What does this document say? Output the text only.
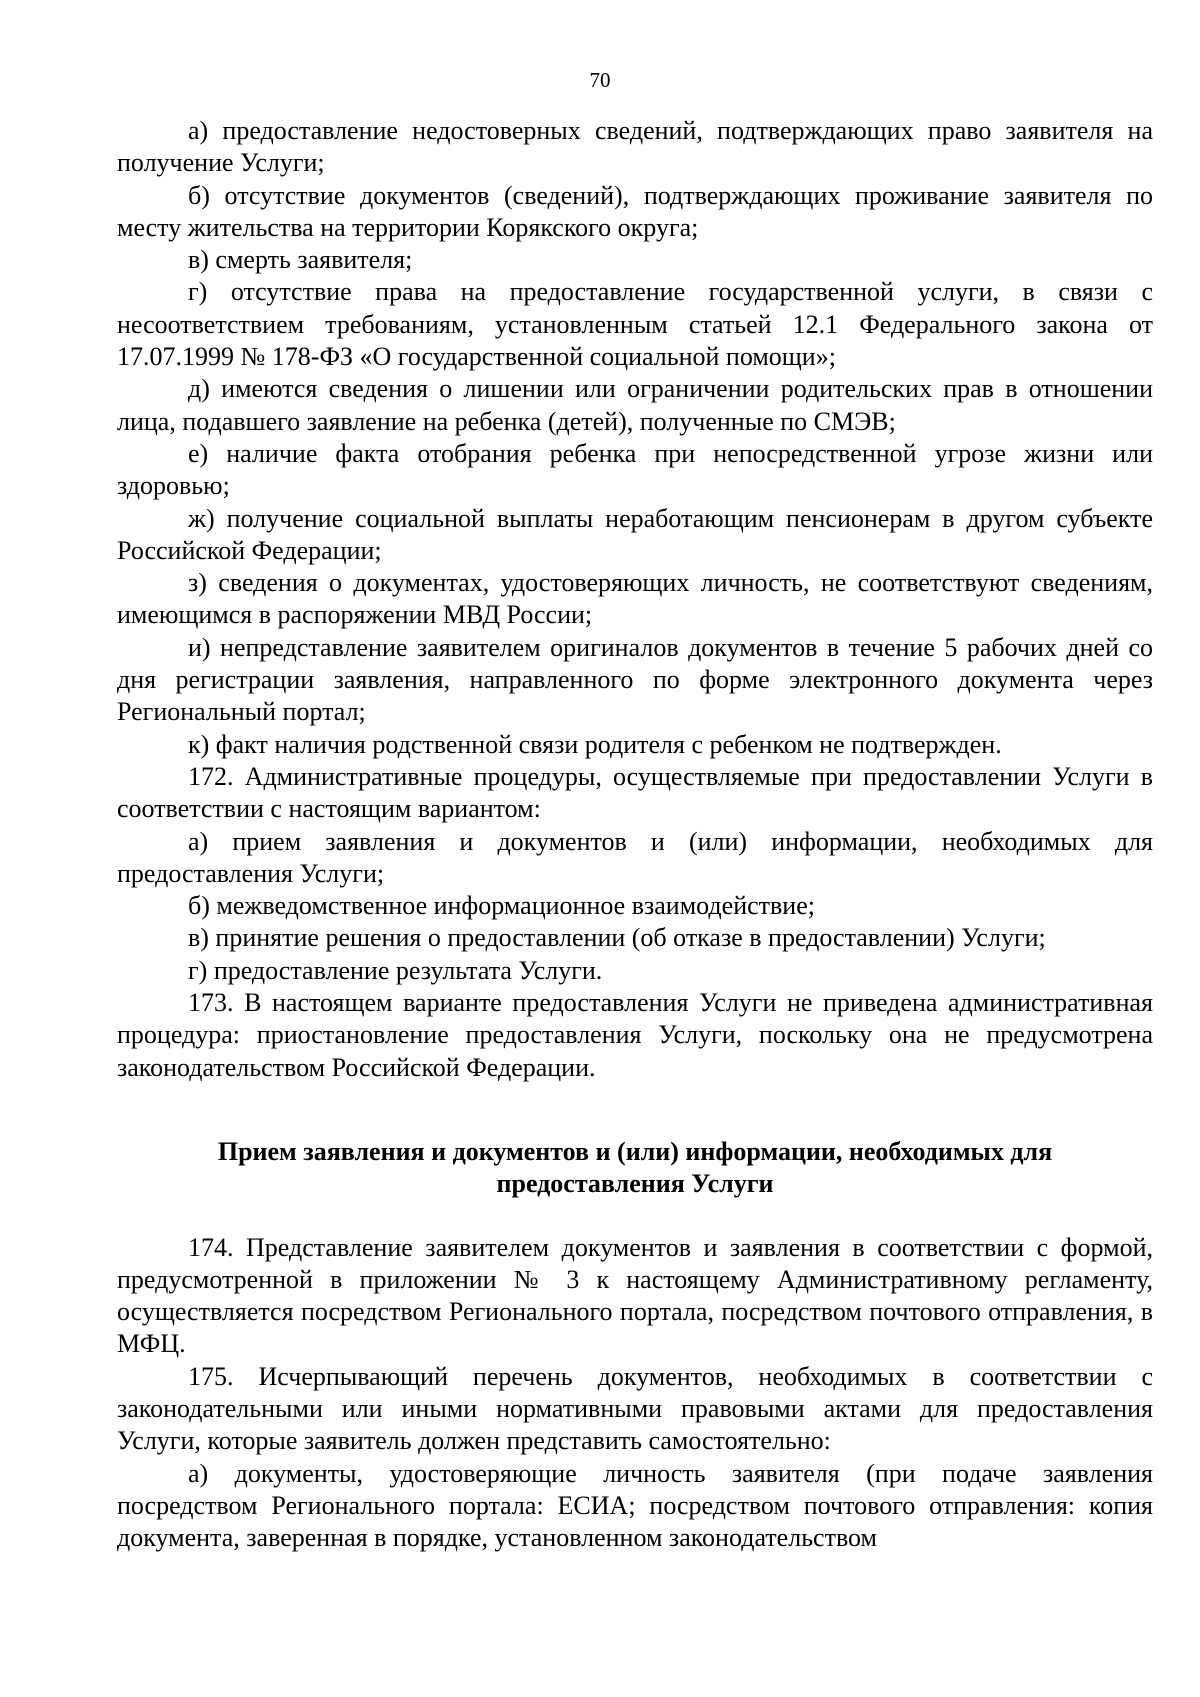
70

а) предоставление недостоверных сведений, подтверждающих право заявителя на получение Услуги;

б) отсутствие документов (сведений), подтверждающих проживание заявителя по месту жительства на территории Корякского округа;

в) смерть заявителя;

г) отсутствие права на предоставление государственной услуги, в связи с несоответствием требованиям, установленным статьей 12.1 Федерального закона от 17.07.1999 № 178-ФЗ «О государственной социальной помощи»;

д) имеются сведения о лишении или ограничении родительских прав в отношении лица, подавшего заявление на ребенка (детей), полученные по СМЭВ;

е) наличие факта отобрания ребенка при непосредственной угрозе жизни или здоровью;

ж) получение социальной выплаты неработающим пенсионерам в другом субъекте Российской Федерации;

з) сведения о документах, удостоверяющих личность, не соответствуют сведениям, имеющимся в распоряжении МВД России;

и) непредставление заявителем оригиналов документов в течение 5 рабочих дней со дня регистрации заявления, направленного по форме электронного документа через Региональный портал;

к) факт наличия родственной связи родителя с ребенком не подтвержден.

172. Административные процедуры, осуществляемые при предоставлении Услуги в соответствии с настоящим вариантом:

а) прием заявления и документов и (или) информации, необходимых для предоставления Услуги;

б) межведомственное информационное взаимодействие;

в) принятие решения о предоставлении (об отказе в предоставлении) Услуги;

г) предоставление результата Услуги.

173. В настоящем варианте предоставления Услуги не приведена административная процедура: приостановление предоставления Услуги, поскольку она не предусмотрена законодательством Российской Федерации.

Прием заявления и документов и (или) информации, необходимых для
предоставления Услуги

174. Представление заявителем документов и заявления в соответствии с формой, предусмотренной в приложении № 3 к настоящему Административному регламенту, осуществляется посредством Регионального портала, посредством почтового отправления, в МФЦ.

175. Исчерпывающий перечень документов, необходимых в соответствии с законодательными или иными нормативными правовыми актами для предоставления Услуги, которые заявитель должен представить самостоятельно:

а) документы, удостоверяющие личность заявителя (при подаче заявления посредством Регионального портала: ЕСИА; посредством почтового отправления: копия документа, заверенная в порядке, установленном законодательством
